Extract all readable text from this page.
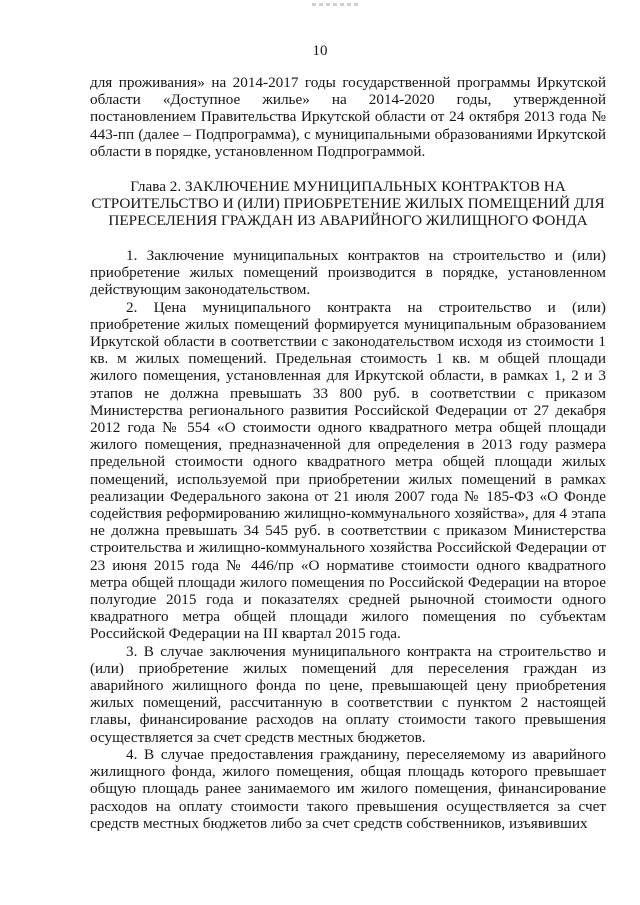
10

для проживания» на 2014-2017 годы государственной программы Иркутской области «Доступное жилье» на 2014-2020 годы, утвержденной постановлением Правительства Иркутской области от 24 октября 2013 года № 443-пп (далее – Подпрограмма), с муниципальными образованиями Иркутской области в порядке, установленном Подпрограммой.

Глава 2. ЗАКЛЮЧЕНИЕ МУНИЦИПАЛЬНЫХ КОНТРАКТОВ НА СТРОИТЕЛЬСТВО И (ИЛИ) ПРИОБРЕТЕНИЕ ЖИЛЫХ ПОМЕЩЕНИЙ ДЛЯ ПЕРЕСЕЛЕНИЯ ГРАЖДАН ИЗ АВАРИЙНОГО ЖИЛИЩНОГО ФОНДА

1. Заключение муниципальных контрактов на строительство и (или) приобретение жилых помещений производится в порядке, установленном действующим законодательством.

2. Цена муниципального контракта на строительство и (или) приобретение жилых помещений формируется муниципальным образованием Иркутской области в соответствии с законодательством исходя из стоимости 1 кв. м жилых помещений. Предельная стоимость 1 кв. м общей площади жилого помещения, установленная для Иркутской области, в рамках 1, 2 и 3 этапов не должна превышать 33 800 руб. в соответствии с приказом Министерства регионального развития Российской Федерации от 27 декабря 2012 года № 554 «О стоимости одного квадратного метра общей площади жилого помещения, предназначенной для определения в 2013 году размера предельной стоимости одного квадратного метра общей площади жилых помещений, используемой при приобретении жилых помещений в рамках реализации Федерального закона от 21 июля 2007 года № 185-ФЗ «О Фонде содействия реформированию жилищно-коммунального хозяйства», для 4 этапа не должна превышать 34 545 руб. в соответствии с приказом Министерства строительства и жилищно-коммунального хозяйства Российской Федерации от 23 июня 2015 года № 446/пр «О нормативе стоимости одного квадратного метра общей площади жилого помещения по Российской Федерации на второе полугодие 2015 года и показателях средней рыночной стоимости одного квадратного метра общей площади жилого помещения по субъектам Российской Федерации на III квартал 2015 года.

3. В случае заключения муниципального контракта на строительство и (или) приобретение жилых помещений для переселения граждан из аварийного жилищного фонда по цене, превышающей цену приобретения жилых помещений, рассчитанную в соответствии с пунктом 2 настоящей главы, финансирование расходов на оплату стоимости такого превышения осуществляется за счет средств местных бюджетов.

4. В случае предоставления гражданину, переселяемому из аварийного жилищного фонда, жилого помещения, общая площадь которого превышает общую площадь ранее занимаемого им жилого помещения, финансирование расходов на оплату стоимости такого превышения осуществляется за счет средств местных бюджетов либо за счет средств собственников, изъявивших
